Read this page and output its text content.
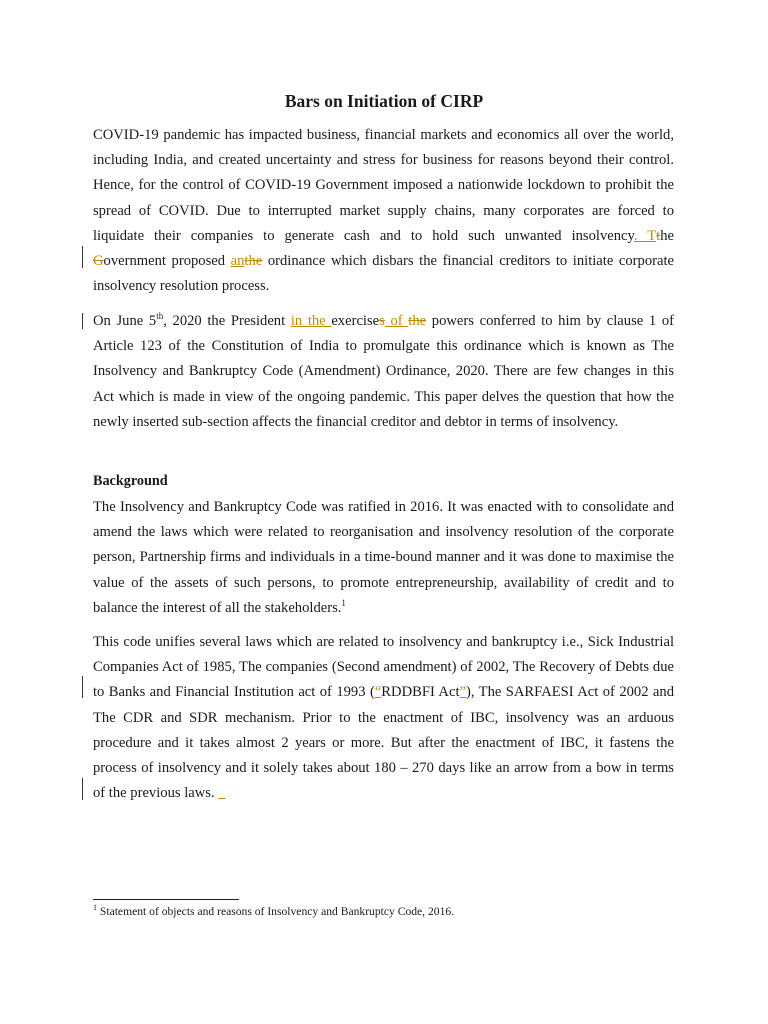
Bars on Initiation of CIRP

COVID-19 pandemic has impacted business, financial markets and economics all over the world, including India, and created uncertainty and stress for business for reasons beyond their control. Hence, for the control of COVID-19 Government imposed a nationwide lockdown to prohibit the spread of COVID. Due to interrupted market supply chains, many corporates are forced to liquidate their companies to generate cash and to hold such unwanted insolvency. Tthe Government proposed anthe ordinance which disbars the financial creditors to initiate corporate insolvency resolution process.

On June 5th, 2020 the President in the exercises of the powers conferred to him by clause 1 of Article 123 of the Constitution of India to promulgate this ordinance which is known as The Insolvency and Bankruptcy Code (Amendment) Ordinance, 2020. There are few changes in this Act which is made in view of the ongoing pandemic. This paper delves the question that how the newly inserted sub-section affects the financial creditor and debtor in terms of insolvency.

Background

The Insolvency and Bankruptcy Code was ratified in 2016. It was enacted with to consolidate and amend the laws which were related to reorganisation and insolvency resolution of the corporate person, Partnership firms and individuals in a time-bound manner and it was done to maximise the value of the assets of such persons, to promote entrepreneurship, availability of credit and to balance the interest of all the stakeholders.$^1$

This code unifies several laws which are related to insolvency and bankruptcy i.e., Sick Industrial Companies Act of 1985, The companies (Second amendment) of 2002, The Recovery of Debts due to Banks and Financial Institution act of 1993 (“RDDBFI Act”), The SARFAESI Act of 2002 and The CDR and SDR mechanism. Prior to the enactment of IBC, insolvency was an arduous procedure and it takes almost 2 years or more. But after the enactment of IBC, it fastens the process of insolvency and it solely takes about 180 – 270 days like an arrow from a bow in terms of the previous laws.

$^1$ Statement of objects and reasons of Insolvency and Bankruptcy Code, 2016.
